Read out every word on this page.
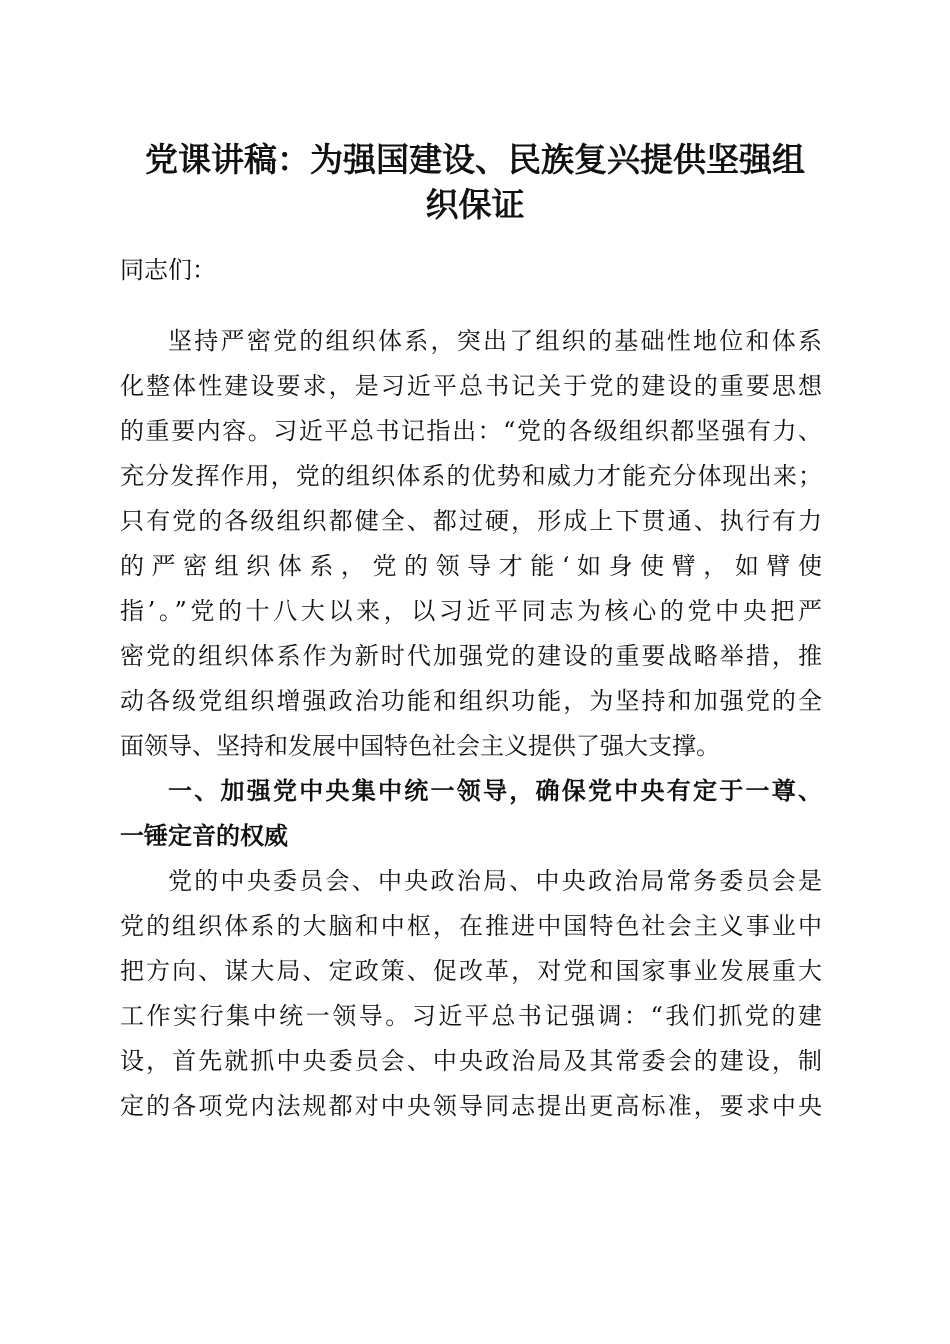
党课讲稿：为强国建设、民族复兴提供坚强组
织保证
同志们：
坚持严密党的组织体系，突出了组织的基础性地位和体系
化整体性建设要求，是习近平总书记关于党的建设的重要思想
的重要内容。习近平总书记指出：“党的各级组织都坚强有力、
充分发挥作用，党的组织体系的优势和威力才能充分体现出来；
只有党的各级组织都健全、都过硬，形成上下贯通、执行有力
的严密组织体系，党的领导才能‘如身使臂，如臂使
指’。”党的十八大以来，以习近平同志为核心的党中央把严
密党的组织体系作为新时代加强党的建设的重要战略举措，推
动各级党组织增强政治功能和组织功能，为坚持和加强党的全
面领导、坚持和发展中国特色社会主义提供了强大支撑。
一、加强党中央集中统一领导，确保党中央有定于一尊、
一锤定音的权威
党的中央委员会、中央政治局、中央政治局常务委员会是
党的组织体系的大脑和中枢，在推进中国特色社会主义事业中
把方向、谋大局、定政策、促改革，对党和国家事业发展重大
工作实行集中统一领导。习近平总书记强调：“我们抓党的建
设，首先就抓中央委员会、中央政治局及其常委会的建设，制
定的各项党内法规都对中央领导同志提出更高标准，要求中央
